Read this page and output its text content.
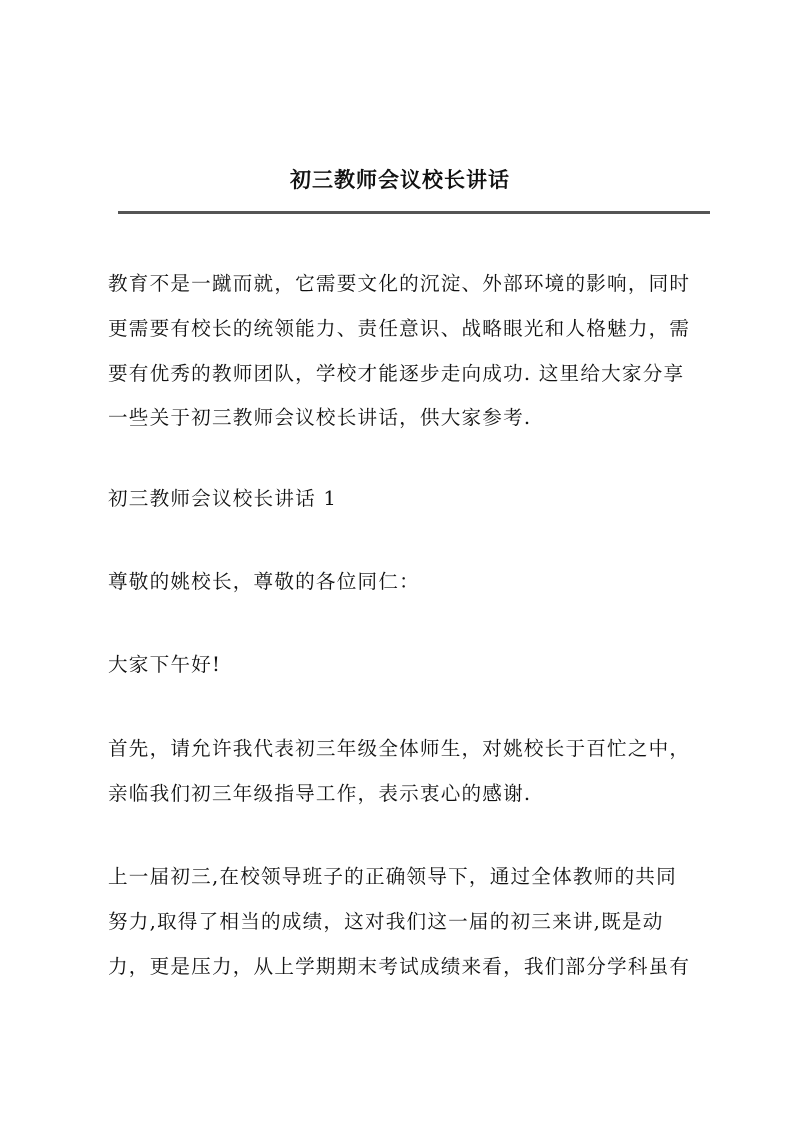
初三教师会议校长讲话

教育不是一蹴而就，它需要文化的沉淀、外部环境的影响，同时
更需要有校长的统领能力、责任意识、战略眼光和人格魅力，需
要有优秀的教师团队，学校才能逐步走向成功. 这里给大家分享
一些关于初三教师会议校长讲话，供大家参考.

初三教师会议校长讲话 1

尊敬的姚校长，尊敬的各位同仁：

大家下午好!

首先，请允许我代表初三年级全体师生，对姚校长于百忙之中，
亲临我们初三年级指导工作，表示衷心的感谢.

上一届初三,在校领导班子的正确领导下，通过全体教师的共同
努力,取得了相当的成绩，这对我们这一届的初三来讲,既是动
力，更是压力，从上学期期末考试成绩来看，我们部分学科虽有
